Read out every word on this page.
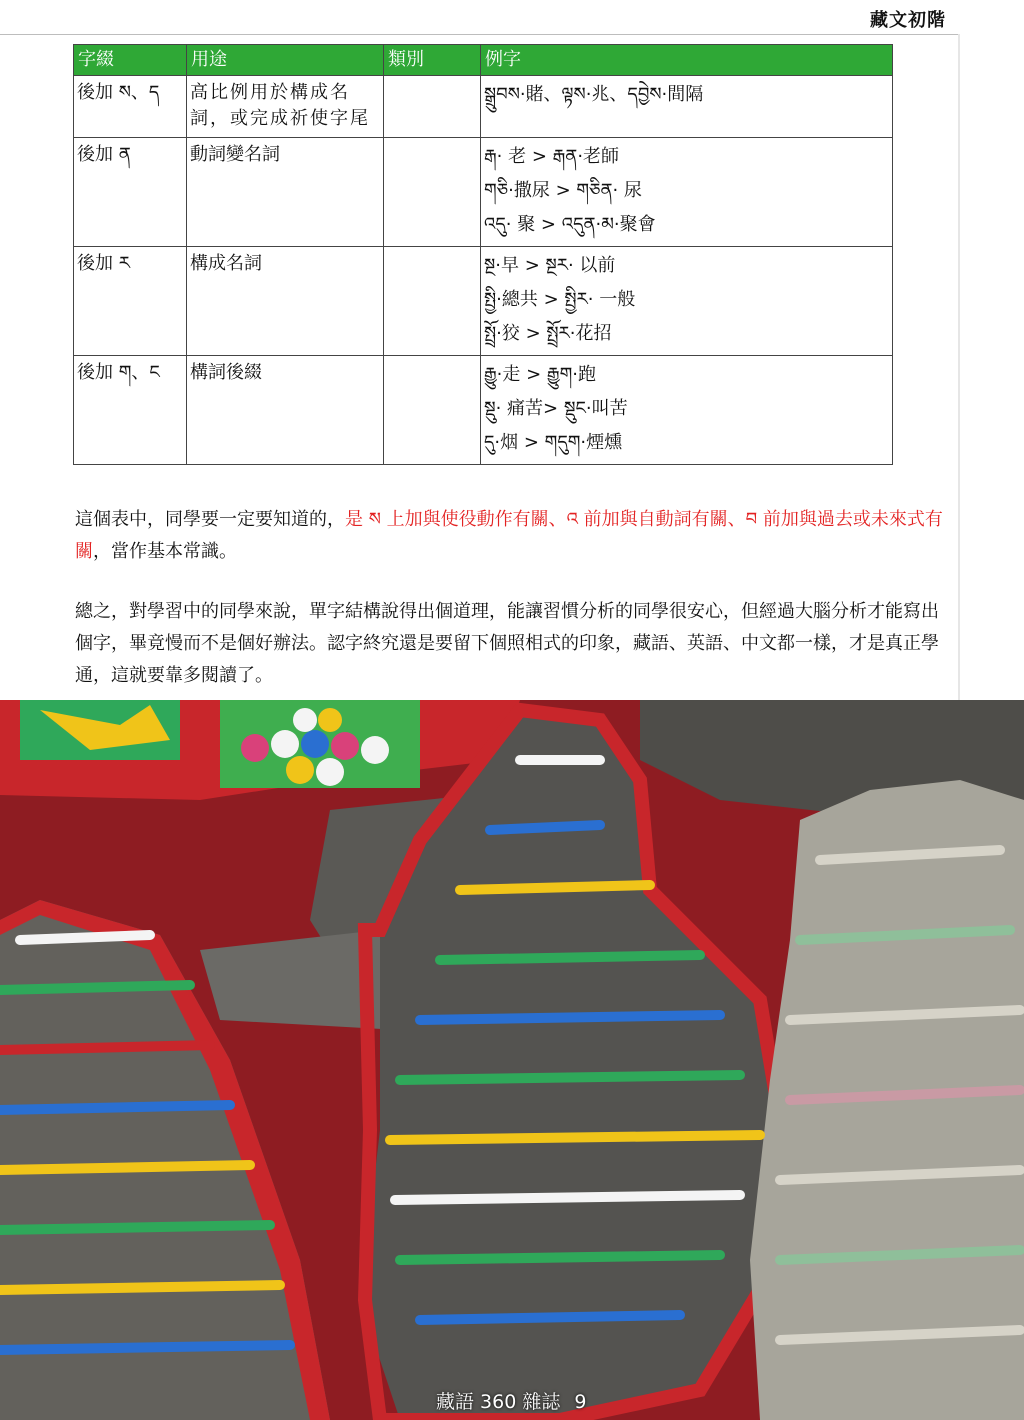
藏文初階
字綴	用途	類別	例字
後加 ས、ད	高比例用於構成名詞，或完成祈使字尾		སྒྲུབས·賭、ལྟས·兆、དབྱེས·間隔

後加 ན	動詞變名詞		རྒ· 老 > རྒན·老師
གཅི·撒尿 > གཅིན· 尿
འདུ· 聚 > འདུན·མ·聚會

後加 ར	構成名詞		སྔ·早 > སྔར· 以前
སྤྱི·總共 > སྤྱིར· 一般
སྤྲོ·狡 > སྤྲོར·花招

後加 ག、ང	構詞後綴		རྒྱུ·走 > རྒྱུག·跑
སྡུ· 痛苦> སྡུང·叫苦
དུ·烟 > གདུག·煙燻

這個表中，同學要一定要知道的，是 ས 上加與使役動作有關、འ 前加與自動詞有關、བ 前加與過去或未來式有關，當作基本常識。

總之，對學習中的同學來說，單字結構說得出個道理，能讓習慣分析的同學很安心，但經過大腦分析才能寫出個字，畢竟慢而不是個好辦法。認字終究還是要留下個照相式的印象，藏語、英語、中文都一樣，才是真正學通，這就要靠多閱讀了。

藏語 360 雜誌 9
